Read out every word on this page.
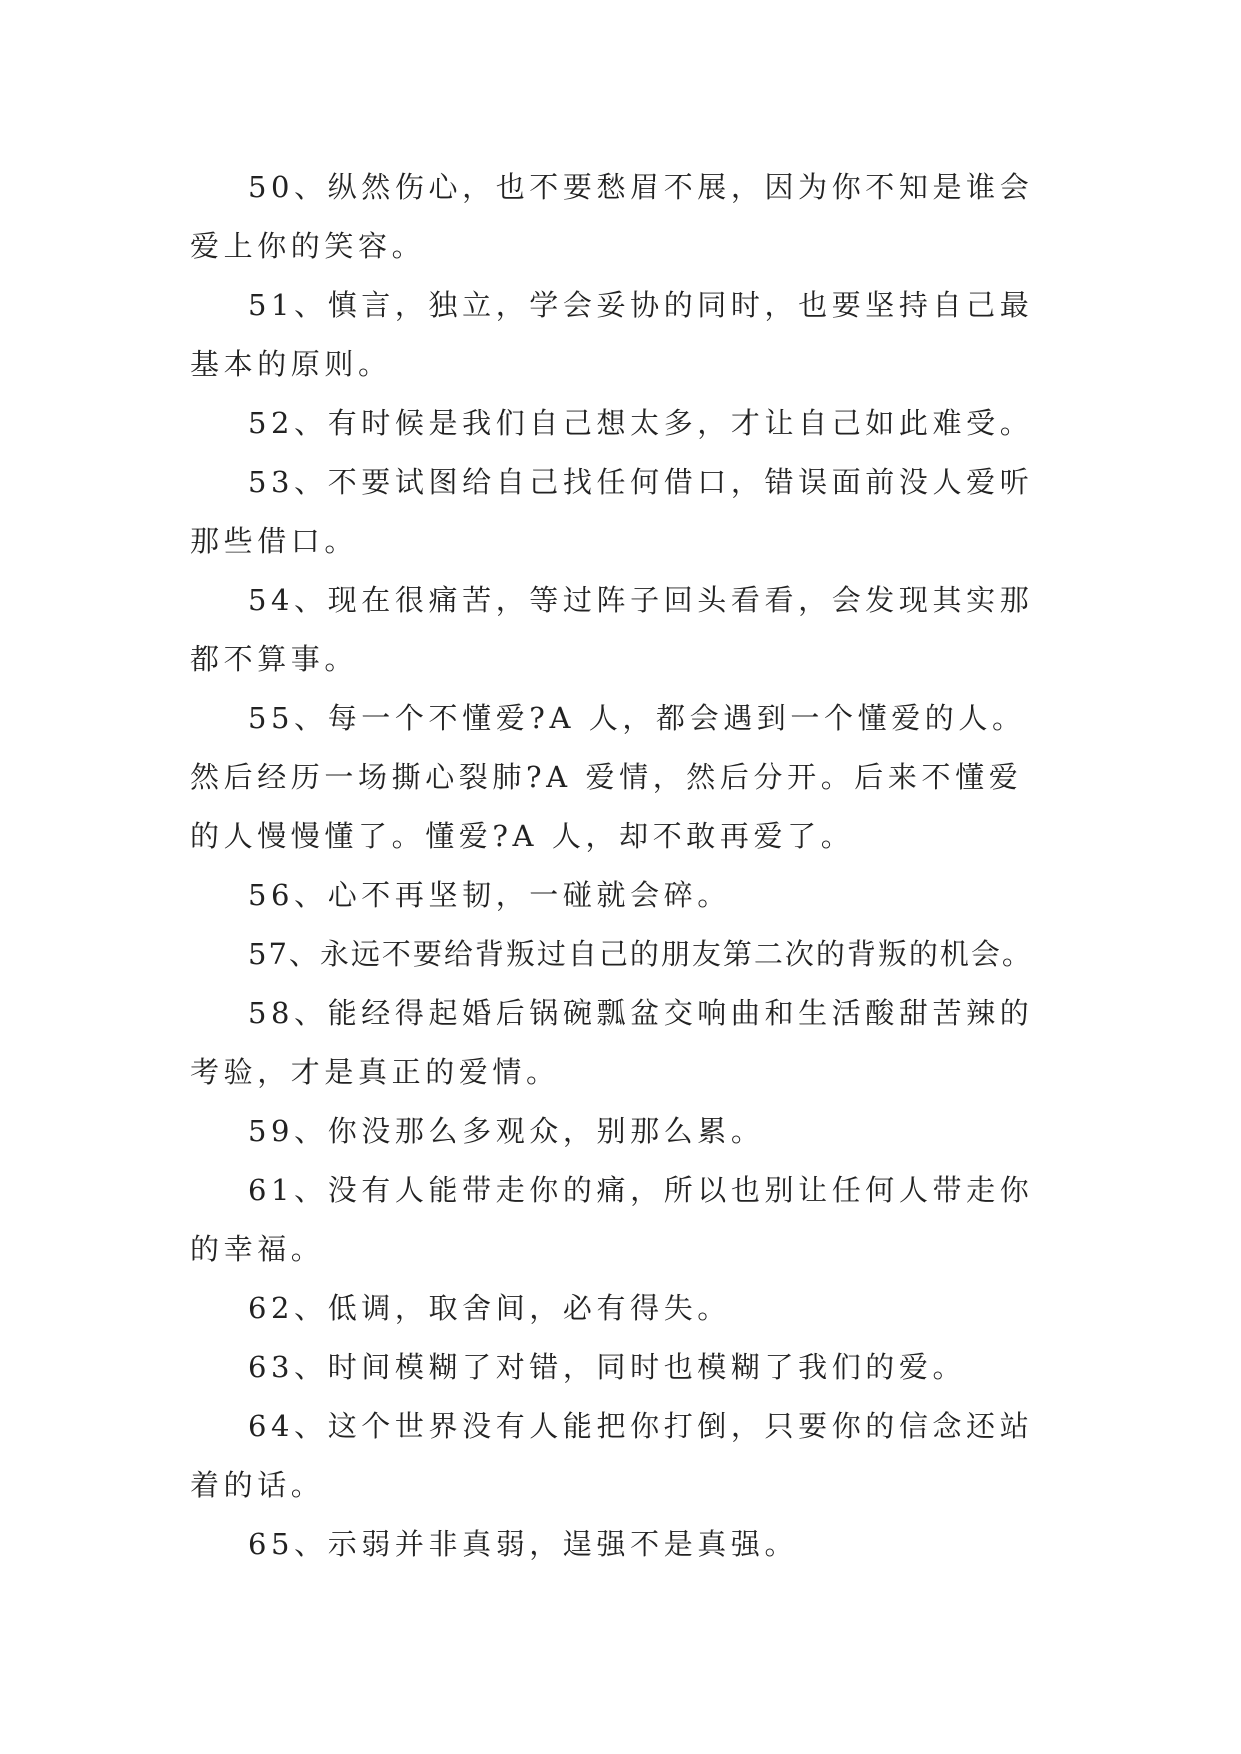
50、纵然伤心，也不要愁眉不展，因为你不知是谁会爱上你的笑容。

51、慎言，独立，学会妥协的同时，也要坚持自己最基本的原则。

52、有时候是我们自己想太多，才让自己如此难受。

53、不要试图给自己找任何借口，错误面前没人爱听那些借口。

54、现在很痛苦，等过阵子回头看看，会发现其实那都不算事。

55、每一个不懂爱?A 人，都会遇到一个懂爱的人。然后经历一场撕心裂肺?A 爱情，然后分开。后来不懂爱的人慢慢懂了。懂爱?A 人，却不敢再爱了。

56、心不再坚韧，一碰就会碎。

57、永远不要给背叛过自己的朋友第二次的背叛的机会。

58、能经得起婚后锅碗瓢盆交响曲和生活酸甜苦辣的考验，才是真正的爱情。

59、你没那么多观众，别那么累。

61、没有人能带走你的痛，所以也别让任何人带走你的幸福。

62、低调，取舍间，必有得失。

63、时间模糊了对错，同时也模糊了我们的爱。

64、这个世界没有人能把你打倒，只要你的信念还站着的话。

65、示弱并非真弱，逞强不是真强。
